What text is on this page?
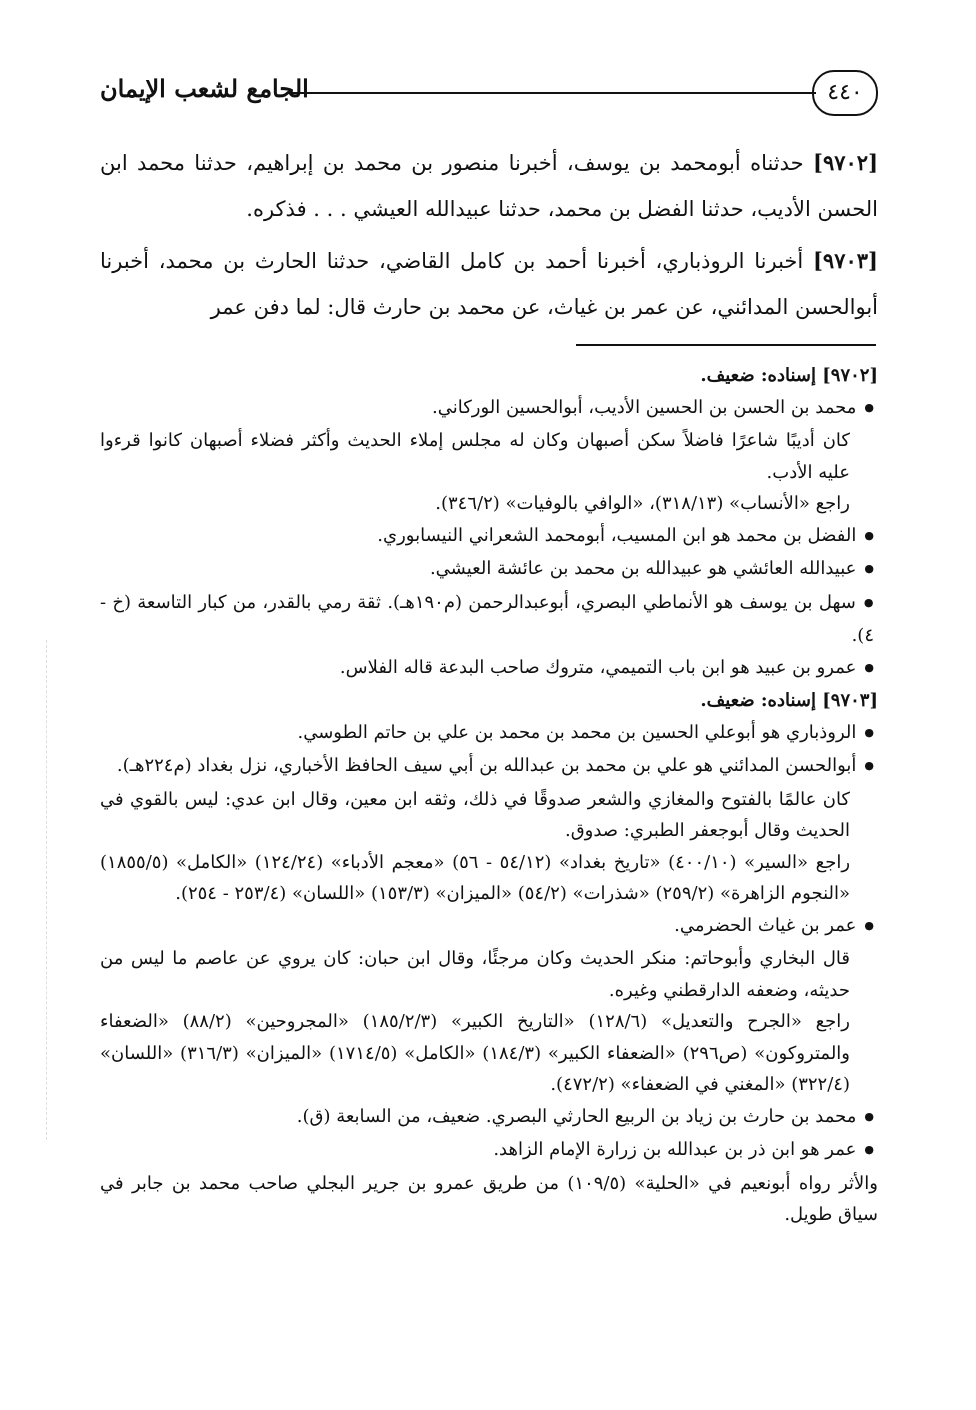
٤٤٠
الجامع لشعب الإيمان

[٩٧٠٢] حدثناه أبومحمد بن يوسف، أخبرنا منصور بن محمد بن إبراهيم، حدثنا محمد ابن الحسن الأديب، حدثنا الفضل بن محمد، حدثنا عبيدالله العيشي . . . فذكره.

[٩٧٠٣] أخبرنا الروذباري، أخبرنا أحمد بن كامل القاضي، حدثنا الحارث بن محمد، أخبرنا أبوالحسن المدائني، عن عمر بن غياث، عن محمد بن حارث قال: لما دفن عمر

[٩٧٠٢] إسناده: ضعيف.

● محمد بن الحسن بن الحسين الأديب، أبوالحسين الوركاني.

كان أديبًا شاعرًا فاضلاً سكن أصبهان وكان له مجلس إملاء الحديث وأكثر فضلاء أصبهان كانوا قرءوا عليه الأدب.

راجع «الأنساب» (٣١٨/١٣)، «الوافي بالوفيات» (٣٤٦/٢).

● الفضل بن محمد هو ابن المسيب، أبومحمد الشعراني النيسابوري.

● عبيدالله العائشي هو عبيدالله بن محمد بن عائشة العيشي.

● سهل بن يوسف هو الأنماطي البصري، أبوعبدالرحمن (م١٩٠هـ). ثقة رمي بالقدر، من كبار التاسعة (خ - ٤).

● عمرو بن عبيد هو ابن باب التميمي، متروك صاحب البدعة قاله الفلاس.

[٩٧٠٣] إسناده: ضعيف.

● الروذباري هو أبوعلي الحسين بن محمد بن محمد بن علي بن حاتم الطوسي.

● أبوالحسن المدائني هو علي بن محمد بن عبدالله بن أبي سيف الحافظ الأخباري، نزل بغداد (م٢٢٤هـ).

كان عالمًا بالفتوح والمغازي والشعر صدوقًا في ذلك، وثقه ابن معين، وقال ابن عدي: ليس بالقوي في الحديث وقال أبوجعفر الطبري: صدوق.

راجع «السير» (٤٠٠/١٠) «تاريخ بغداد» (٥٤/١٢ - ٥٦) «معجم الأدباء» (١٢٤/٢٤) «الكامل» (١٨٥٥/٥) «النجوم الزاهرة» (٢٥٩/٢) «شذرات» (٥٤/٢) «الميزان» (١٥٣/٣) «اللسان» (٢٥٣/٤ - ٢٥٤).

● عمر بن غياث الحضرمي.

قال البخاري وأبوحاتم: منكر الحديث وكان مرجئًا، وقال ابن حبان: كان يروي عن عاصم ما ليس من حديثه، وضعفه الدارقطني وغيره.

راجع «الجرح والتعديل» (١٢٨/٦) «التاريخ الكبير» (١٨٥/٢/٣) «المجروحين» (٨٨/٢) «الضعفاء والمتروكون» (ص٢٩٦) «الضعفاء الكبير» (١٨٤/٣) «الكامل» (١٧١٤/٥) «الميزان» (٣١٦/٣) «اللسان» (٣٢٢/٤) «المغني في الضعفاء» (٤٧٢/٢).

● محمد بن حارث بن زياد بن الربيع الحارثي البصري. ضعيف، من السابعة (ق).

● عمر هو ابن ذر بن عبدالله بن زرارة الإمام الزاهد.

والأثر رواه أبونعيم في «الحلية» (١٠٩/٥) من طريق عمرو بن جرير البجلي صاحب محمد بن جابر في سياق طويل.
